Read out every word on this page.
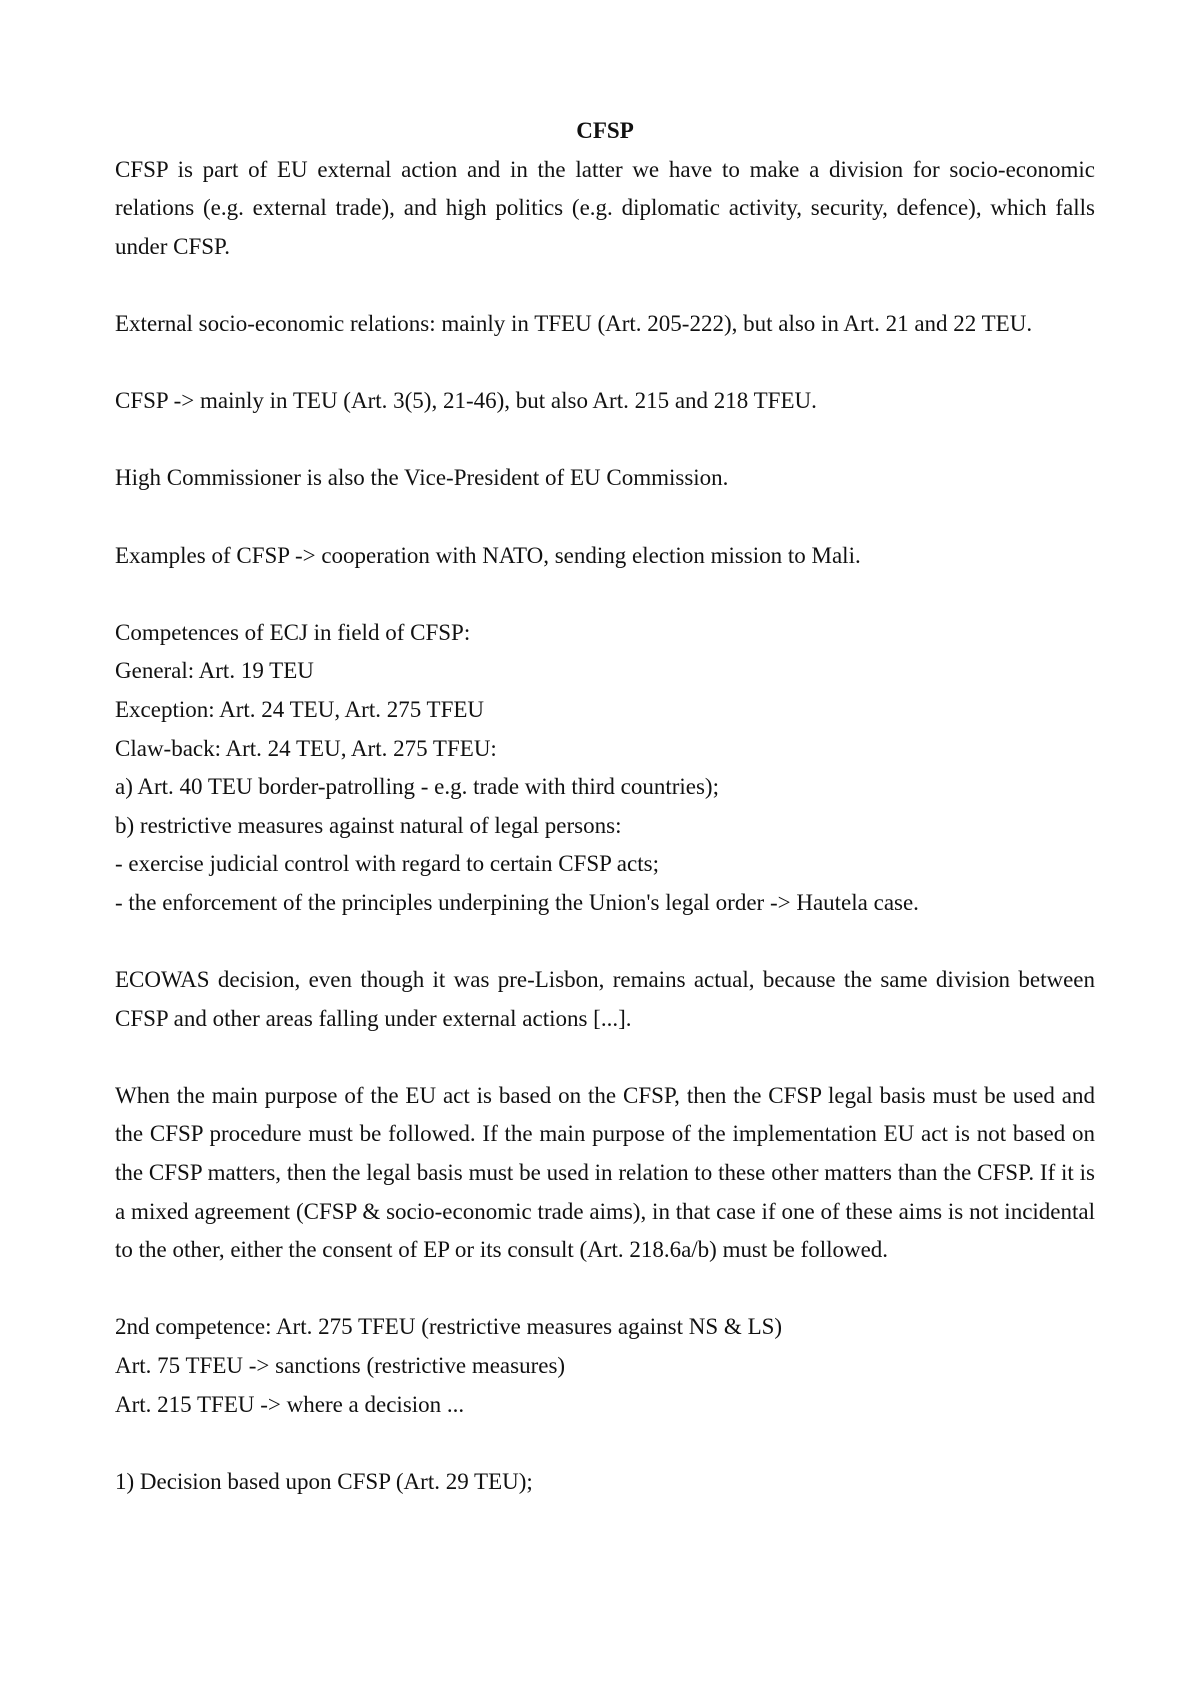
CFSP

CFSP is part of EU external action and in the latter we have to make a division for socio-economic relations (e.g. external trade), and high politics (e.g. diplomatic activity, security, defence), which falls under CFSP.

External socio-economic relations: mainly in TFEU (Art. 205-222), but also in Art. 21 and 22 TEU.

CFSP -> mainly in TEU (Art. 3(5), 21-46), but also Art. 215 and 218 TFEU.

High Commissioner is also the Vice-President of EU Commission.

Examples of CFSP -> cooperation with NATO, sending election mission to Mali.

Competences of ECJ in field of CFSP:

General: Art. 19 TEU

Exception: Art. 24 TEU, Art. 275 TFEU

Claw-back: Art. 24 TEU, Art. 275 TFEU:

a) Art. 40 TEU border-patrolling - e.g. trade with third countries);

b) restrictive measures against natural of legal persons:

- exercise judicial control with regard to certain CFSP acts;

- the enforcement of the principles underpining the Union's legal order -> Hautela case.

ECOWAS decision, even though it was pre-Lisbon, remains actual, because the same division between CFSP and other areas falling under external actions [...].

When the main purpose of the EU act is based on the CFSP, then the CFSP legal basis must be used and the CFSP procedure must be followed. If the main purpose of the implementation EU act is not based on the CFSP matters, then the legal basis must be used in relation to these other matters than the CFSP. If it is a mixed agreement (CFSP & socio-economic trade aims), in that case if one of these aims is not incidental to the other, either the consent of EP or its consult (Art. 218.6a/b) must be followed.

2nd competence: Art. 275 TFEU (restrictive measures against NS & LS)

Art. 75 TFEU -> sanctions (restrictive measures)

Art. 215 TFEU -> where a decision ...

1) Decision based upon CFSP (Art. 29 TEU);
